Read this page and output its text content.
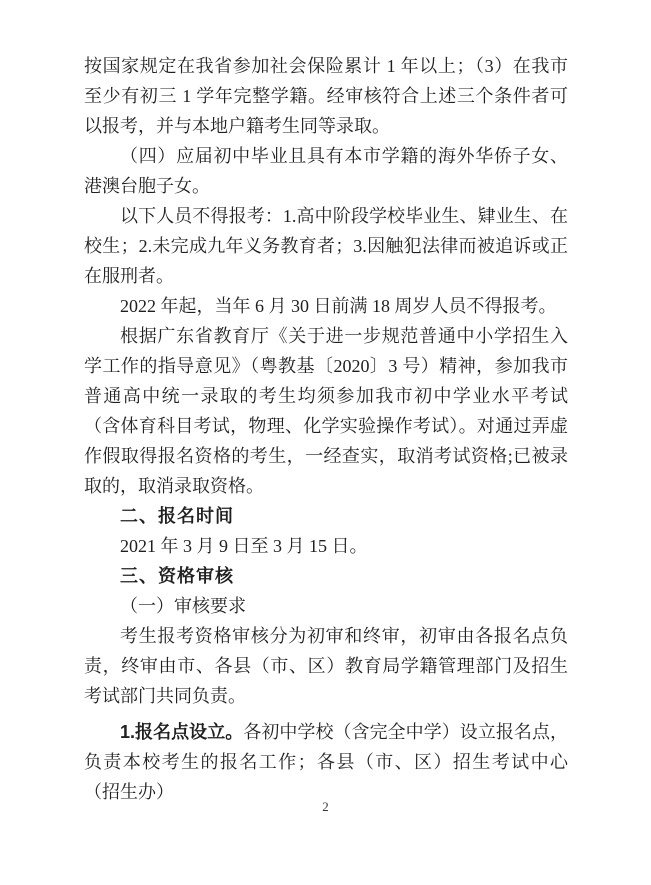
按国家规定在我省参加社会保险累计 1 年以上；（3）在我市至少有初三 1 学年完整学籍。经审核符合上述三个条件者可以报考，并与本地户籍考生同等录取。

（四）应届初中毕业且具有本市学籍的海外华侨子女、港澳台胞子女。

以下人员不得报考：1.高中阶段学校毕业生、肄业生、在校生；2.未完成九年义务教育者；3.因触犯法律而被追诉或正在服刑者。

2022 年起，当年 6 月 30 日前满 18 周岁人员不得报考。

根据广东省教育厅《关于进一步规范普通中小学招生入学工作的指导意见》（粤教基〔2020〕3 号）精神，参加我市普通高中统一录取的考生均须参加我市初中学业水平考试（含体育科目考试，物理、化学实验操作考试）。对通过弄虚作假取得报名资格的考生，一经查实，取消考试资格;已被录取的，取消录取资格。

二、报名时间

2021 年 3 月 9 日至 3 月 15 日。

三、资格审核

（一）审核要求

考生报考资格审核分为初审和终审，初审由各报名点负责，终审由市、各县（市、区）教育局学籍管理部门及招生考试部门共同负责。

1.报名点设立。各初中学校（含完全中学）设立报名点，负责本校考生的报名工作；各县（市、区）招生考试中心（招生办）

2
